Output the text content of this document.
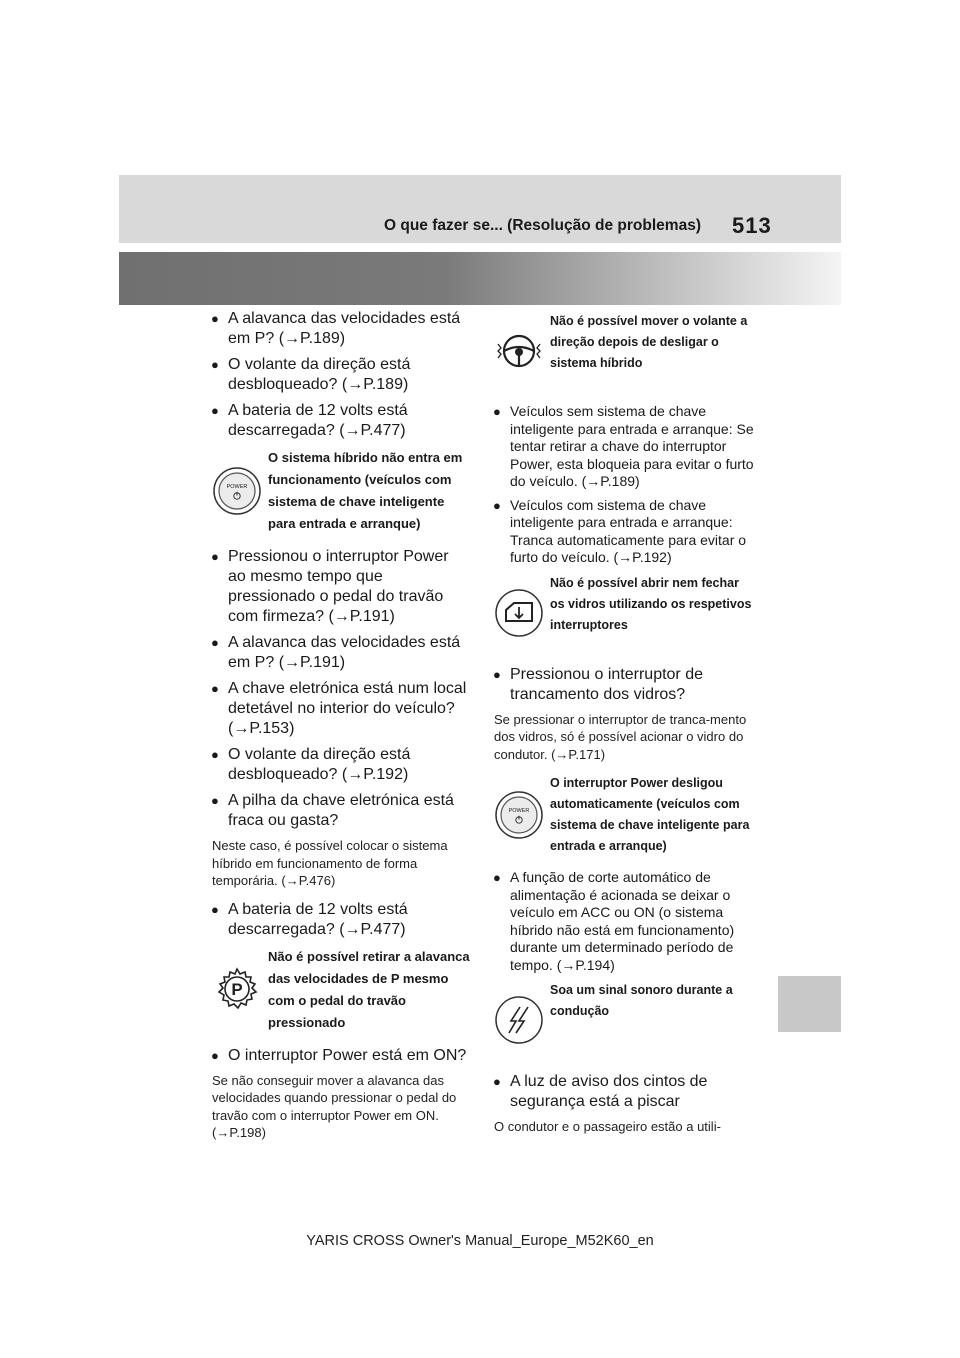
O que fazer se... (Resolução de problemas) 513
● A alavanca das velocidades está em P? (→P.189)
● O volante da direção está desbloqueado? (→P.189)
● A bateria de 12 volts está descarregada? (→P.477)
POWER
O sistema híbrido não entra em funcionamento (veículos com sistema de chave inteligente para entrada e arranque)
● Pressionou o interruptor Power ao mesmo tempo que pressionado o pedal do travão com firmeza? (→P.191)
● A alavanca das velocidades está em P? (→P.191)
● A chave eletrónica está num local detetável no interior do veículo? (→P.153)
● O volante da direção está desbloqueado? (→P.192)
● A pilha da chave eletrónica está fraca ou gasta?
Neste caso, é possível colocar o sistema híbrido em funcionamento de forma temporária. (→P.476)
● A bateria de 12 volts está descarregada? (→P.477)
P
Não é possível retirar a alavanca das velocidades de P mesmo com o pedal do travão pressionado
● O interruptor Power está em ON?
Se não conseguir mover a alavanca das velocidades quando pressionar o pedal do travão com o interruptor Power em ON. (→P.198)
Não é possível mover o volante a direção depois de desligar o sistema híbrido
● Veículos sem sistema de chave inteligente para entrada e arranque: Se tentar retirar a chave do interruptor Power, esta bloqueia para evitar o furto do veículo. (→P.189)
● Veículos com sistema de chave inteligente para entrada e arranque: Tranca automaticamente para evitar o furto do veículo. (→P.192)
Não é possível abrir nem fechar os vidros utilizando os respetivos interruptores
● Pressionou o interruptor de trancamento dos vidros?
Se pressionar o interruptor de tranca-mento dos vidros, só é possível acionar o vidro do condutor. (→P.171)
POWER
O interruptor Power desligou automaticamente (veículos com sistema de chave inteligente para entrada e arranque)
● A função de corte automático de alimentação é acionada se deixar o veículo em ACC ou ON (o sistema híbrido não está em funcionamento) durante um determinado período de tempo. (→P.194)
Soa um sinal sonoro durante a condução
● A luz de aviso dos cintos de segurança está a piscar
O condutor e o passageiro estão a utili-
YARIS CROSS Owner's Manual_Europe_M52K60_en
